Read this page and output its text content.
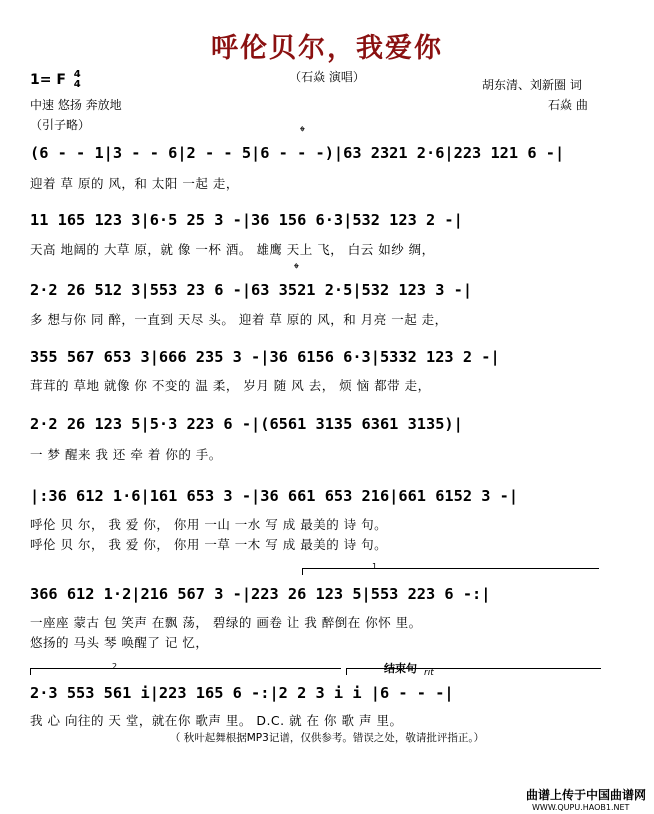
呼伦贝尔，我爱你
（石焱 演唱）
1= F 4
4
中速 悠扬 奔放地
（引子略）
胡东清、刘新圈 词
石焱 曲
𝄌
𝄌
(6 - - 1|3 - - 6|2 - - 5|6 - - -)|63 2321 2·6|223 121 6 -|
迎着 草 原的 风，和 太阳 一起 走，
11 165 123 3|6·5 25 3 -|36 156 6·3|532 123 2 -|
天高 地阔的 大草 原，就 像 一杯 酒。 雄鹰 天上 飞， 白云 如纱 绸，
2·2 26 512 3|553 23 6 -|63 3521 2·5|532 123 3 -|
多 想与你 同 醉，一直到 天尽 头。 迎着 草 原的 风，和 月亮 一起 走，
355 567 653 3|666 235 3 -|36 6156 6·3|5332 123 2 -|
茸茸的 草地 就像 你 不变的 温 柔， 岁月 随 风 去， 烦 恼 都带 走，
2·2 26 123 5|5·3 223 6 -|(6561 3135 6361 3135)|
一 梦 醒来 我 还 牵 着 你的 手。
|:36 612 1·6|161 653 3 -|36 661 653 216|661 6152 3 -|
呼伦 贝 尔， 我 爱 你， 你用 一山 一水 写 成 最美的 诗 句。
呼伦 贝 尔， 我 爱 你， 你用 一草 一木 写 成 最美的 诗 句。
1
366 612 1·2|216 567 3 -|223 26 123 5|553 223 6 -:|
一座座 蒙古 包 笑声 在飘 荡， 碧绿的 画卷 让 我 醉倒在 你怀 里。
悠扬的 马头 琴 唤醒了 记 忆，
2	结束句 rit
2·3 553 561 i|223 165 6 -:|2 2 3 i i |6 - - -|
我 心 向往的 天 堂，就在你 歌声 里。 D.C. 就 在 你 歌 声 里。
（ 秋叶起舞根据MP3记谱，仅供参考。错误之处，敬请批评指正。）
曲谱上传于中国曲谱网
WWW.QUPU.HAOB1.NET
